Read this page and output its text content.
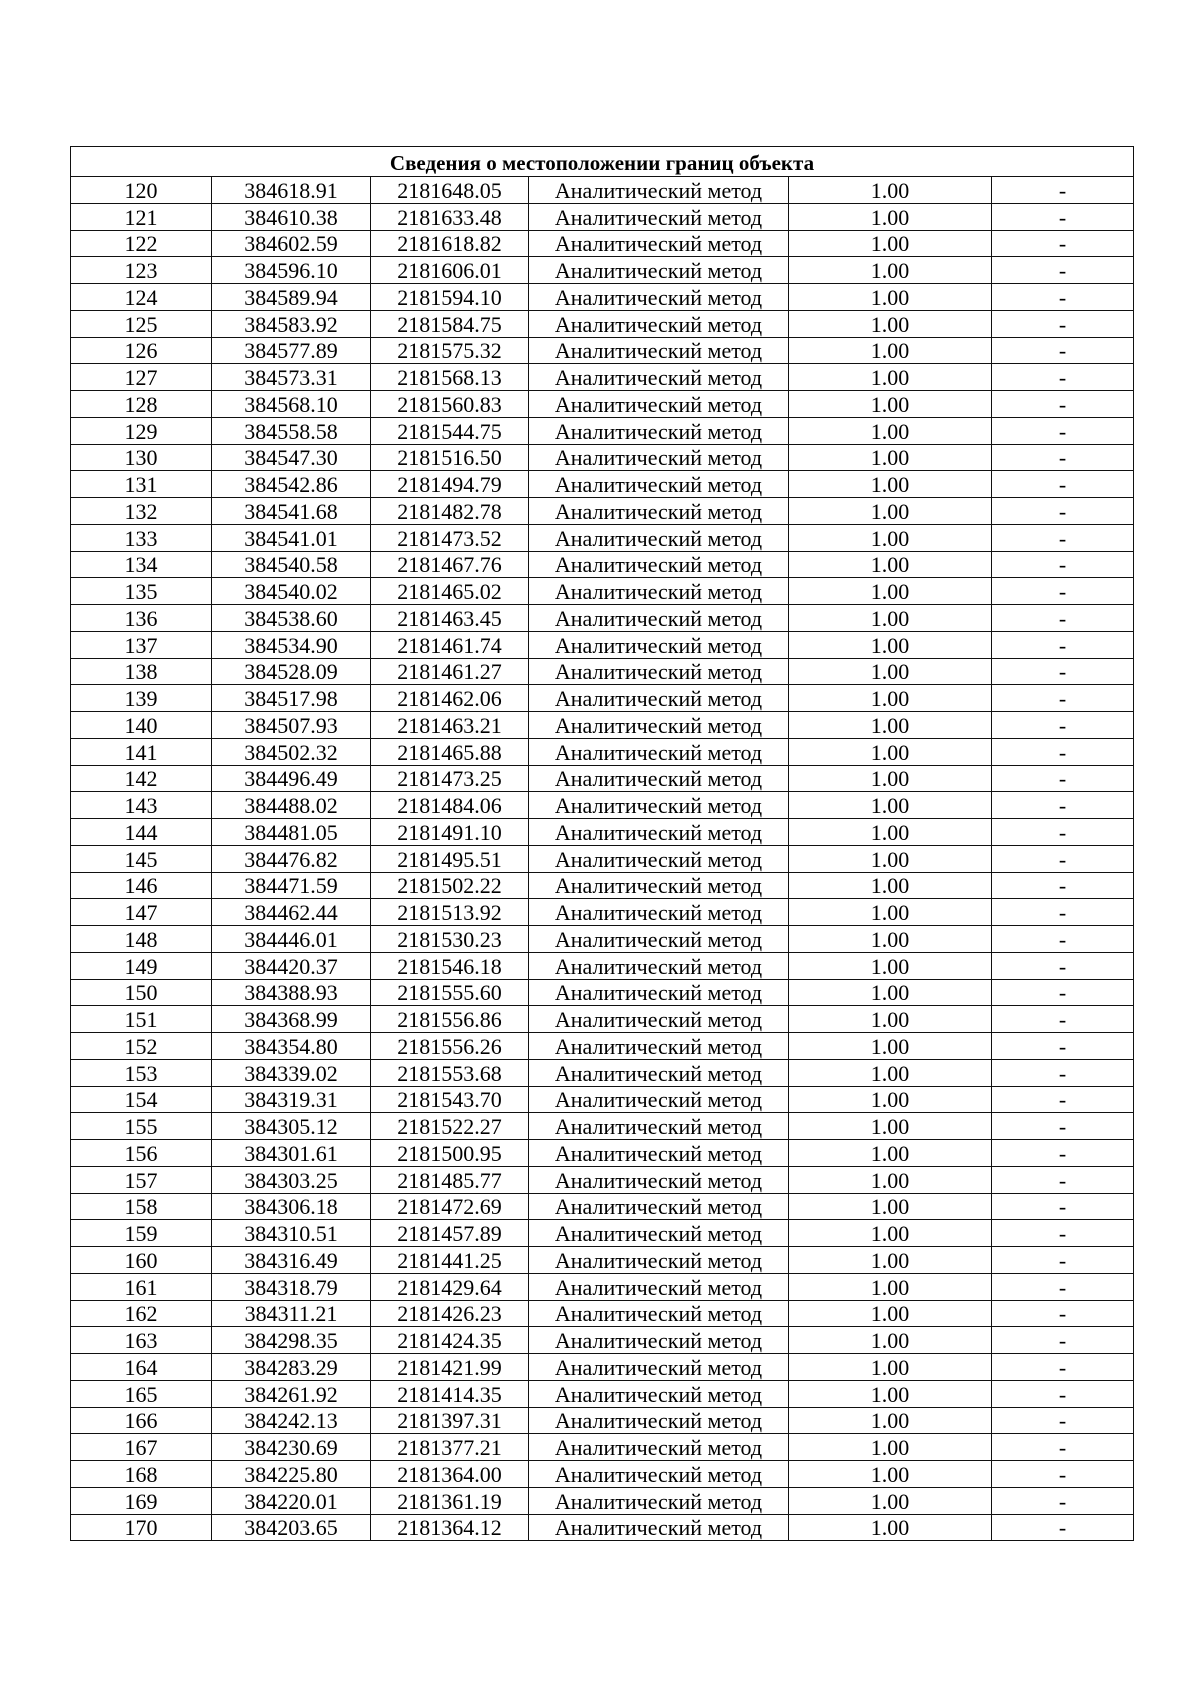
Сведения о местоположении границ объекта
120	384618.91	2181648.05	Аналитический метод	1.00	-
121	384610.38	2181633.48	Аналитический метод	1.00	-
122	384602.59	2181618.82	Аналитический метод	1.00	-
123	384596.10	2181606.01	Аналитический метод	1.00	-
124	384589.94	2181594.10	Аналитический метод	1.00	-
125	384583.92	2181584.75	Аналитический метод	1.00	-
126	384577.89	2181575.32	Аналитический метод	1.00	-
127	384573.31	2181568.13	Аналитический метод	1.00	-
128	384568.10	2181560.83	Аналитический метод	1.00	-
129	384558.58	2181544.75	Аналитический метод	1.00	-
130	384547.30	2181516.50	Аналитический метод	1.00	-
131	384542.86	2181494.79	Аналитический метод	1.00	-
132	384541.68	2181482.78	Аналитический метод	1.00	-
133	384541.01	2181473.52	Аналитический метод	1.00	-
134	384540.58	2181467.76	Аналитический метод	1.00	-
135	384540.02	2181465.02	Аналитический метод	1.00	-
136	384538.60	2181463.45	Аналитический метод	1.00	-
137	384534.90	2181461.74	Аналитический метод	1.00	-
138	384528.09	2181461.27	Аналитический метод	1.00	-
139	384517.98	2181462.06	Аналитический метод	1.00	-
140	384507.93	2181463.21	Аналитический метод	1.00	-
141	384502.32	2181465.88	Аналитический метод	1.00	-
142	384496.49	2181473.25	Аналитический метод	1.00	-
143	384488.02	2181484.06	Аналитический метод	1.00	-
144	384481.05	2181491.10	Аналитический метод	1.00	-
145	384476.82	2181495.51	Аналитический метод	1.00	-
146	384471.59	2181502.22	Аналитический метод	1.00	-
147	384462.44	2181513.92	Аналитический метод	1.00	-
148	384446.01	2181530.23	Аналитический метод	1.00	-
149	384420.37	2181546.18	Аналитический метод	1.00	-
150	384388.93	2181555.60	Аналитический метод	1.00	-
151	384368.99	2181556.86	Аналитический метод	1.00	-
152	384354.80	2181556.26	Аналитический метод	1.00	-
153	384339.02	2181553.68	Аналитический метод	1.00	-
154	384319.31	2181543.70	Аналитический метод	1.00	-
155	384305.12	2181522.27	Аналитический метод	1.00	-
156	384301.61	2181500.95	Аналитический метод	1.00	-
157	384303.25	2181485.77	Аналитический метод	1.00	-
158	384306.18	2181472.69	Аналитический метод	1.00	-
159	384310.51	2181457.89	Аналитический метод	1.00	-
160	384316.49	2181441.25	Аналитический метод	1.00	-
161	384318.79	2181429.64	Аналитический метод	1.00	-
162	384311.21	2181426.23	Аналитический метод	1.00	-
163	384298.35	2181424.35	Аналитический метод	1.00	-
164	384283.29	2181421.99	Аналитический метод	1.00	-
165	384261.92	2181414.35	Аналитический метод	1.00	-
166	384242.13	2181397.31	Аналитический метод	1.00	-
167	384230.69	2181377.21	Аналитический метод	1.00	-
168	384225.80	2181364.00	Аналитический метод	1.00	-
169	384220.01	2181361.19	Аналитический метод	1.00	-
170	384203.65	2181364.12	Аналитический метод	1.00	-
